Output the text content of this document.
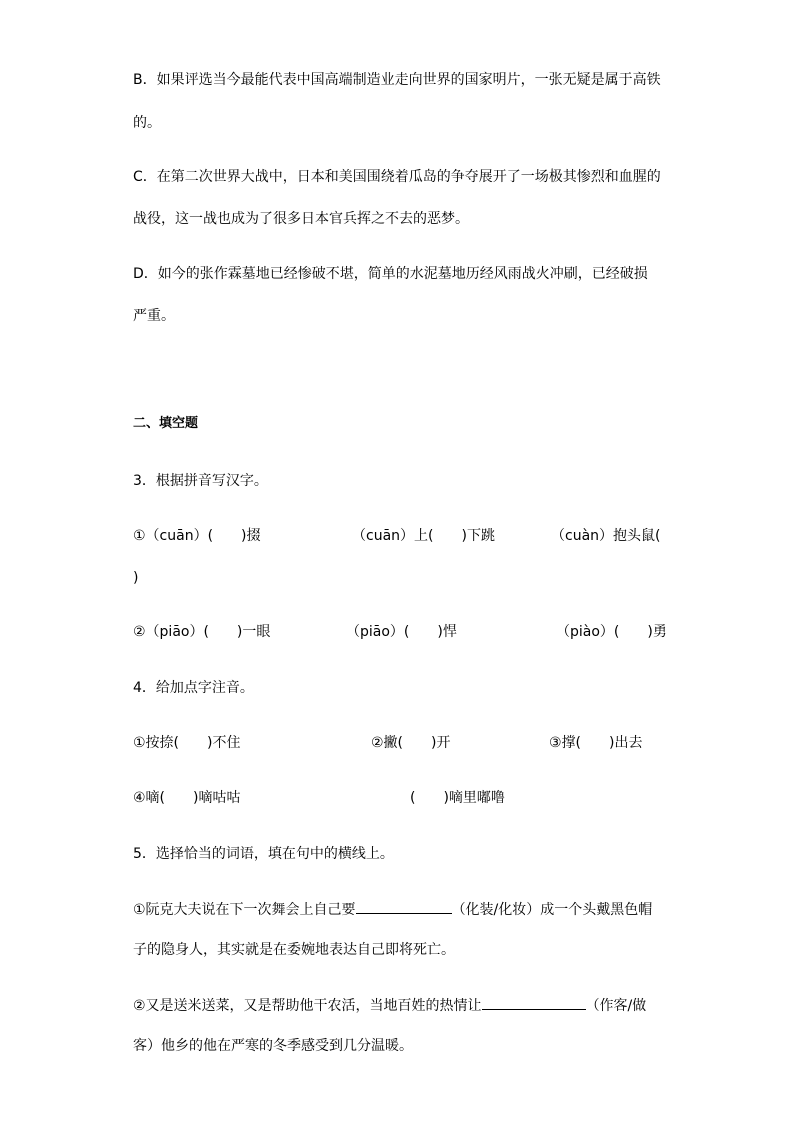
B．如果评选当今最能代表中国高端制造业走向世界的国家明片，一张无疑是属于高铁
的。
C．在第二次世界大战中，日本和美国围绕着瓜岛的争夺展开了一场极其惨烈和血腥的
战役，这一战也成为了很多日本官兵挥之不去的恶梦。
D．如今的张作霖墓地已经惨破不堪，简单的水泥墓地历经风雨战火冲刷，已经破损
严重。
二、填空题
3．根据拼音写汉字。
①（cuān）(　　)掇	（cuān）上(　　)下跳	（cuàn）抱头鼠(
)
②（piāo）(　　)一眼	（piāo）(　　)悍	（piào）(　　)勇
4．给加点字注音。
①按捺(　　)不住	②撇(　　)开	③撑(　　)出去
④嘀(　　)嘀咕咕	(　　)嘀里嘟噜
5．选择恰当的词语，填在句中的横线上。
①阮克大夫说在下一次舞会上自己要	（化装/化妆）成一个头戴黑色帽
子的隐身人，其实就是在委婉地表达自己即将死亡。
②又是送米送菜，又是帮助他干农活，当地百姓的热情让	（作客/做
客）他乡的他在严寒的冬季感受到几分温暖。
